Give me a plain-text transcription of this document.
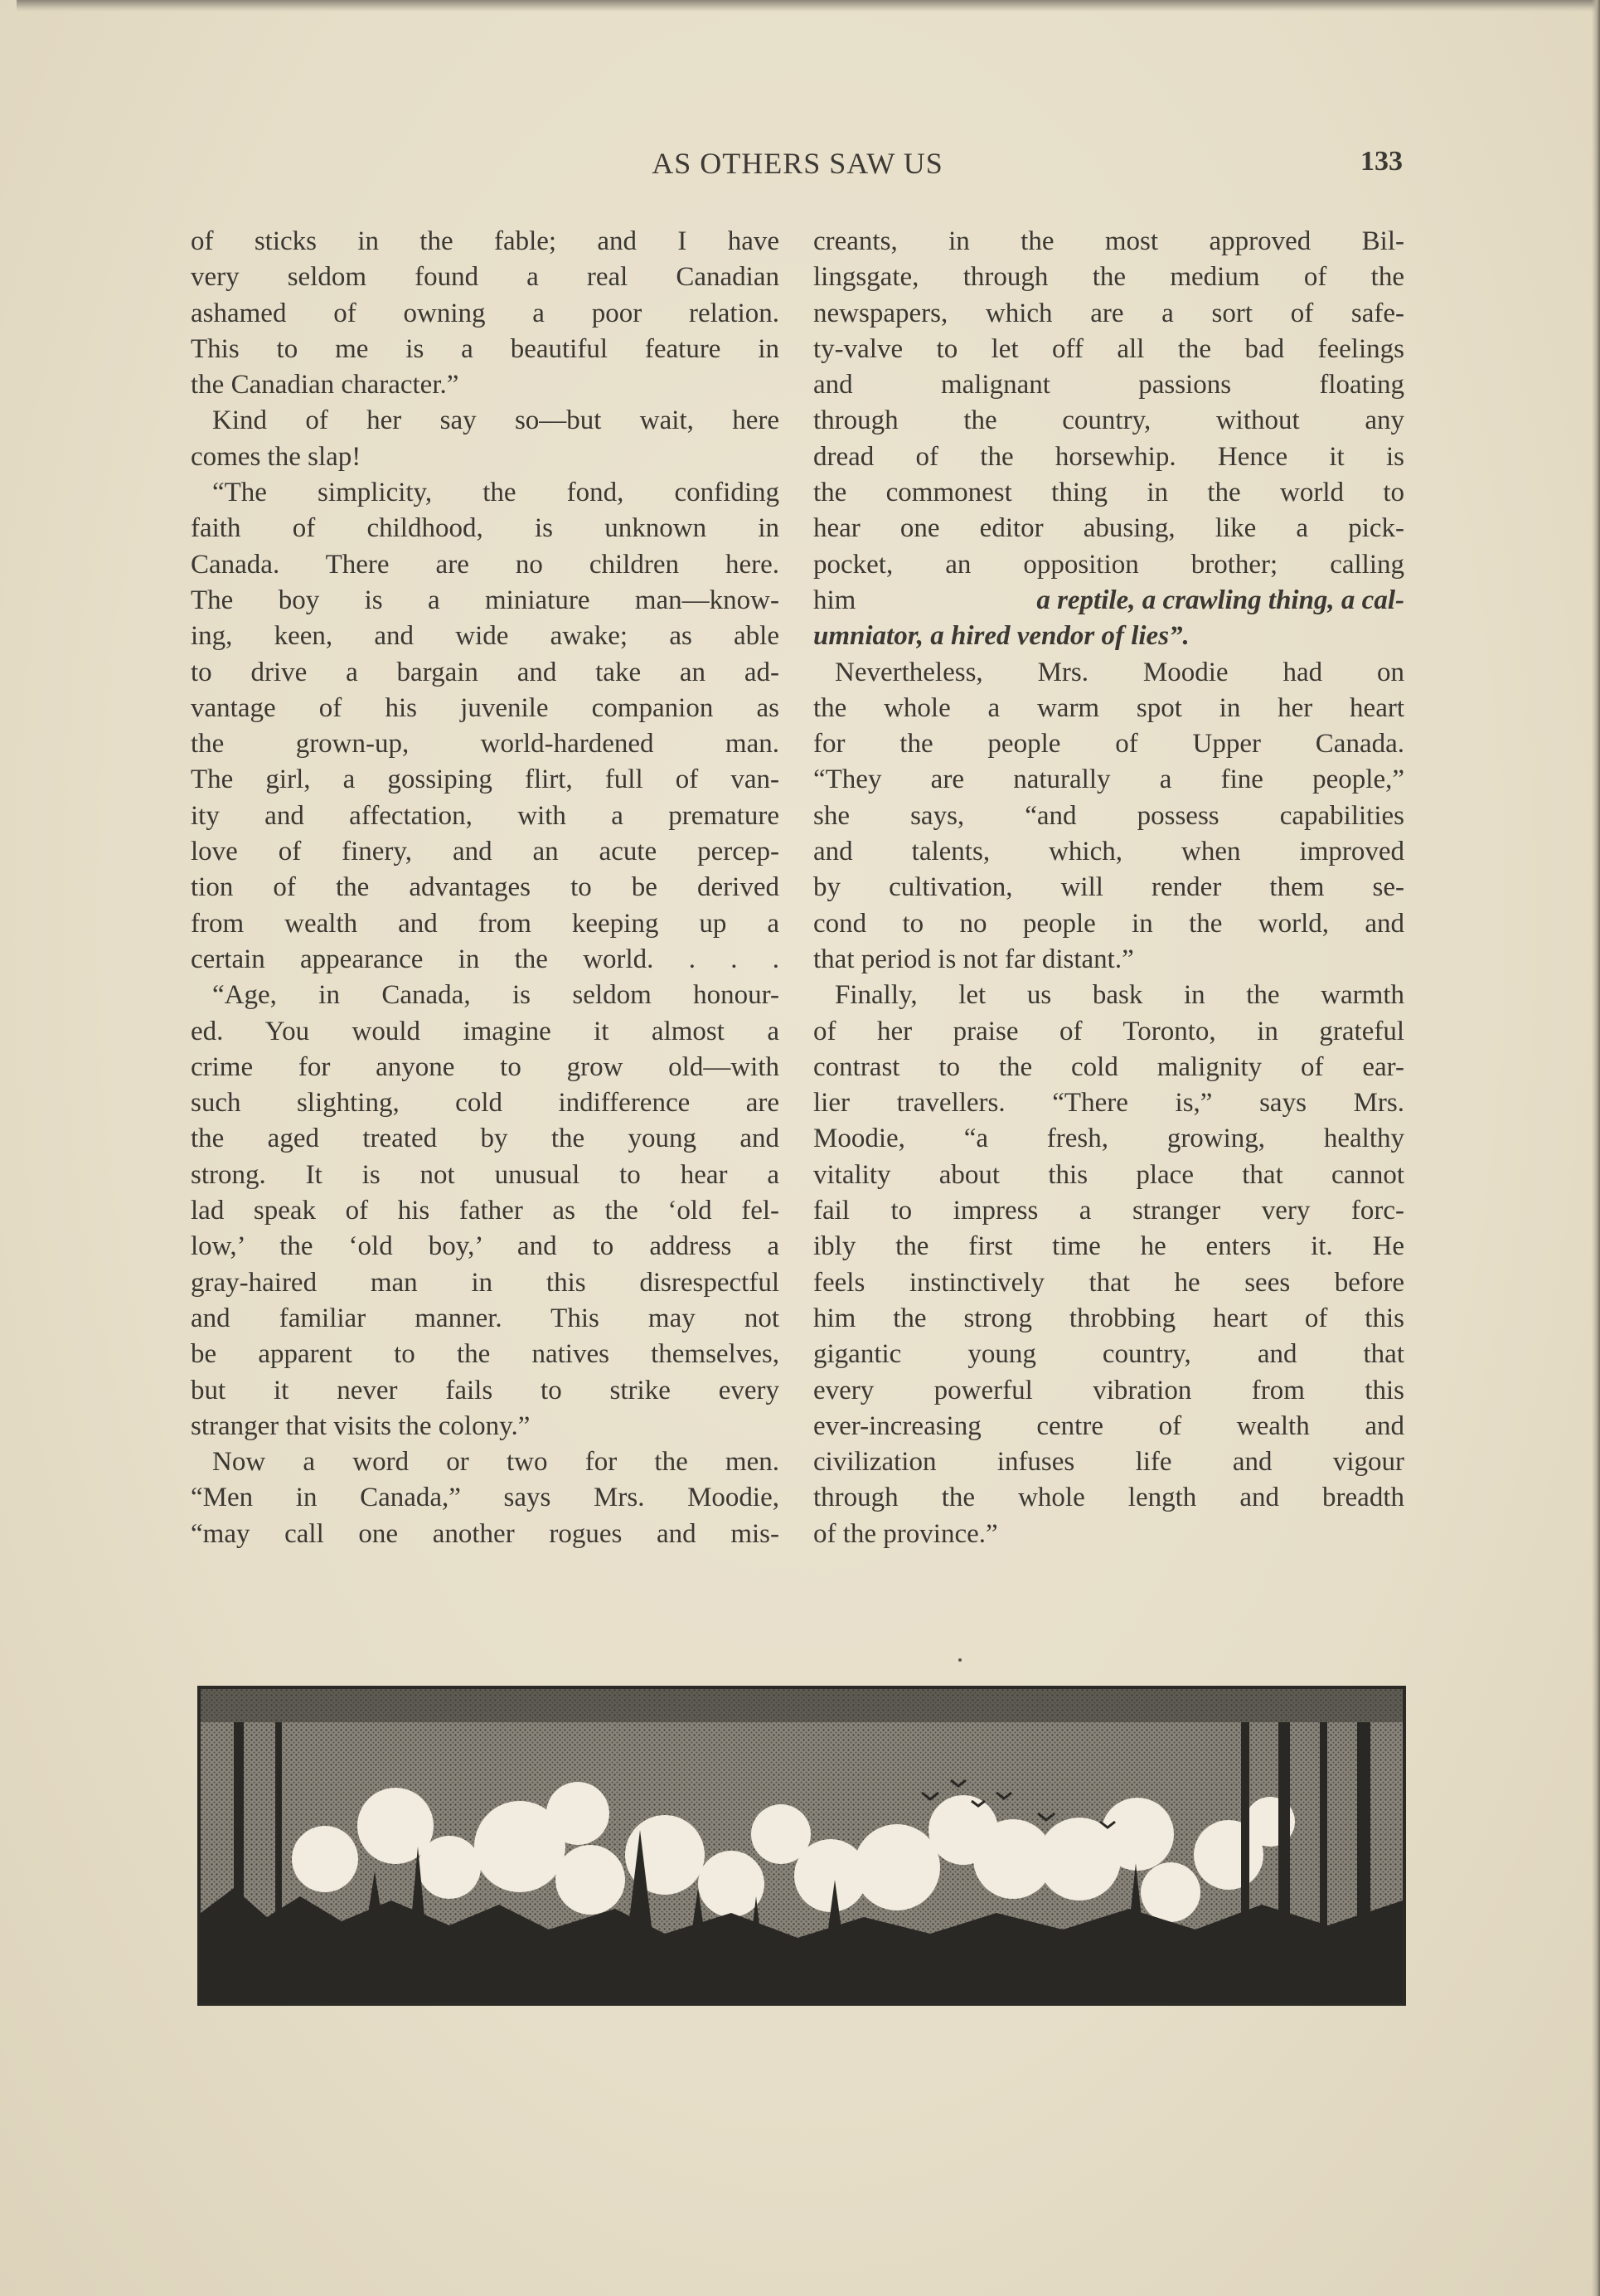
AS OTHERS SAW US	133
of sticks in the fable; and I have
very seldom found a real Canadian
ashamed of owning a poor relation.
This to me is a beautiful feature in
the Canadian character.”
Kind of her say so—but wait, here
comes the slap!
“The simplicity, the fond, confiding
faith of childhood, is unknown in
Canada. There are no children here.
The boy is a miniature man—know-
ing, keen, and wide awake; as able
to drive a bargain and take an ad-
vantage of his juvenile companion as
the grown-up, world-hardened man.
The girl, a gossiping flirt, full of van-
ity and affectation, with a premature
love of finery, and an acute percep-
tion of the advantages to be derived
from wealth and from keeping up a
certain appearance in the world. . . .
“Age, in Canada, is seldom honour-
ed. You would imagine it almost a
crime for anyone to grow old—with
such slighting, cold indifference are
the aged treated by the young and
strong. It is not unusual to hear a
lad speak of his father as the ‘old fel-
low,’ the ‘old boy,’ and to address a
gray-haired man in this disrespectful
and familiar manner. This may not
be apparent to the natives themselves,
but it never fails to strike every
stranger that visits the colony.”
Now a word or two for the men.
“Men in Canada,” says Mrs. Moodie,
“may call one another rogues and mis-
creants, in the most approved Bil-
lingsgate, through the medium of the
newspapers, which are a sort of safe-
ty-valve to let off all the bad feelings
and malignant passions floating
through the country, without any
dread of the horsewhip. Hence it is
the commonest thing in the world to
hear one editor abusing, like a pick-
pocket, an opposition brother; calling
him	a reptile, a crawling thing, a cal-
umniator, a hired vendor of lies”.
Nevertheless, Mrs. Moodie had on
the whole a warm spot in her heart
for the people of Upper Canada.
“They are naturally a fine people,”
she says, “and possess capabilities
and talents, which, when improved
by cultivation, will render them se-
cond to no people in the world, and
that period is not far distant.”
Finally, let us bask in the warmth
of her praise of Toronto, in grateful
contrast to the cold malignity of ear-
lier travellers. “There is,” says Mrs.
Moodie, “a fresh, growing, healthy
vitality about this place that cannot
fail to impress a stranger very forc-
ibly the first time he enters it. He
feels instinctively that he sees before
him the strong throbbing heart of this
gigantic young country, and that
every powerful vibration from this
ever-increasing centre of wealth and
civilization infuses life and vigour
through the whole length and breadth
of the province.”
